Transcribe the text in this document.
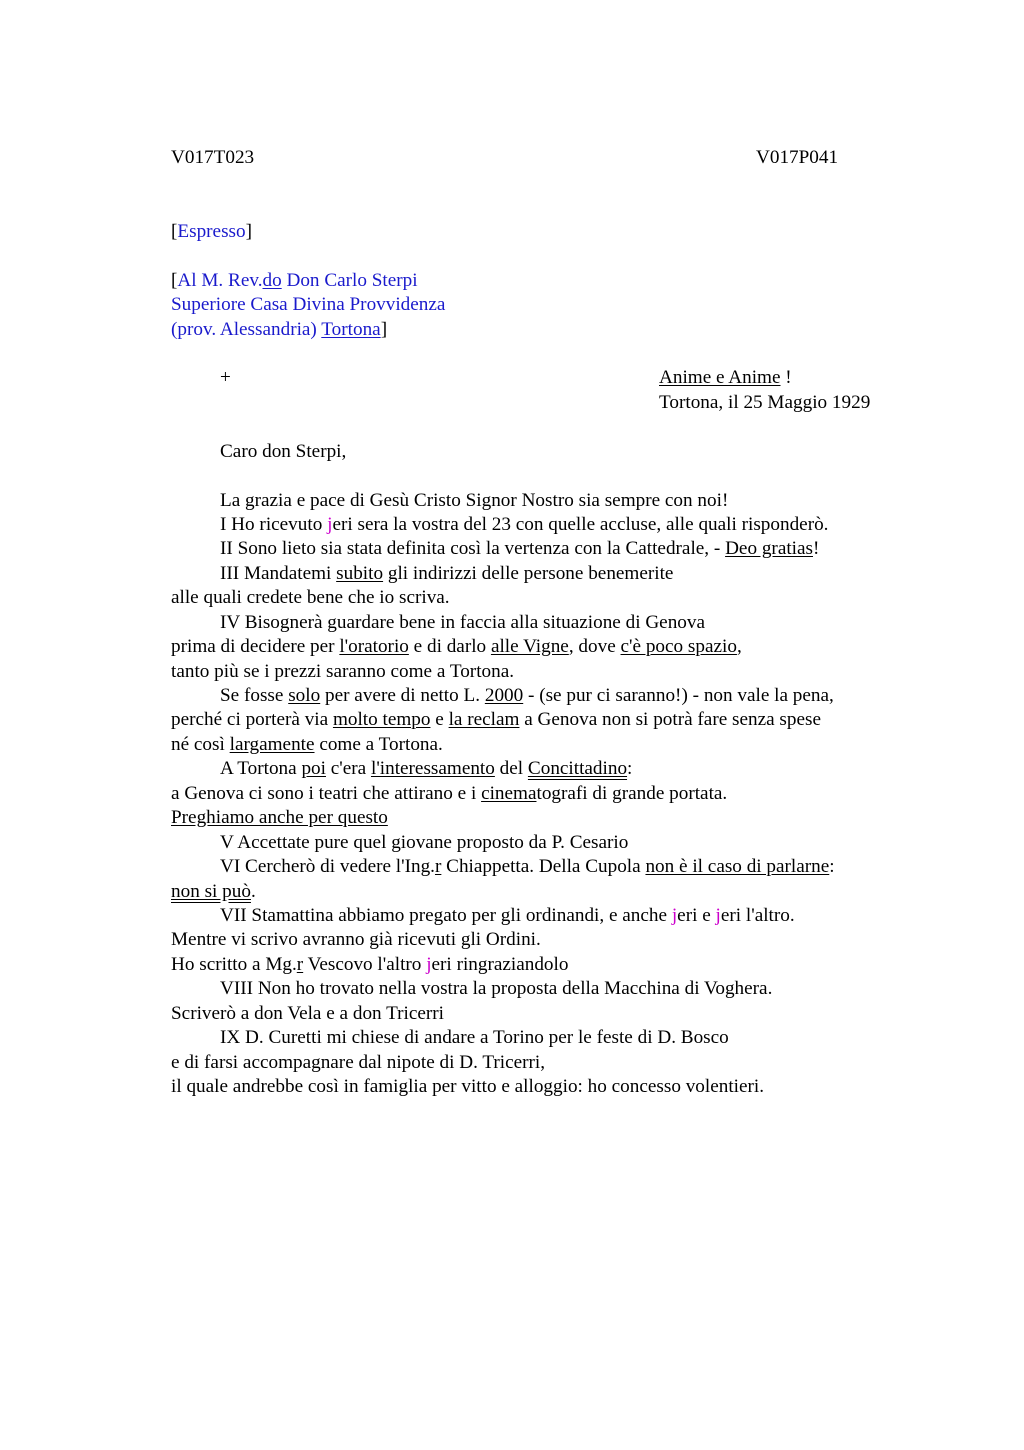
V017T023	V017P041
[Espresso]
[Al M. Rev.do Don Carlo Sterpi
Superiore Casa Divina Provvidenza
(prov. Alessandria) Tortona]
+	Anime e Anime !
Tortona, il 25 Maggio 1929
Caro don Sterpi,
La grazia e pace di Gesù Cristo Signor Nostro sia sempre con noi!
I Ho ricevuto jeri sera la vostra del 23 con quelle accluse, alle quali risponderò.
II Sono lieto sia stata definita così la vertenza con la Cattedrale, - Deo gratias!
III Mandatemi subito gli indirizzi delle persone benemerite
alle quali credete bene che io scriva.
IV Bisognerà guardare bene in faccia alla situazione di Genova
prima di decidere per l'oratorio e di darlo alle Vigne, dove c'è poco spazio,
tanto più se i prezzi saranno come a Tortona.
Se fosse solo per avere di netto L. 2000 - (se pur ci saranno!) - non vale la pena,
perché ci porterà via molto tempo e la reclam a Genova non si potrà fare senza spese
né così largamente come a Tortona.
A Tortona poi c'era l'interessamento del Concittadino:
a Genova ci sono i teatri che attirano e i cinematografi di grande portata.
Preghiamo anche per questo
V Accettate pure quel giovane proposto da P. Cesario
VI Cercherò di vedere l'Ing.r Chiappetta. Della Cupola non è il caso di parlarne:
non si può.
VII Stamattina abbiamo pregato per gli ordinandi, e anche jeri e jeri l'altro.
Mentre vi scrivo avranno già ricevuti gli Ordini.
Ho scritto a Mg.r Vescovo l'altro jeri ringraziandolo
VIII Non ho trovato nella vostra la proposta della Macchina di Voghera.
Scriverò a don Vela e a don Tricerri
IX D. Curetti mi chiese di andare a Torino per le feste di D. Bosco
e di farsi accompagnare dal nipote di D. Tricerri,
il quale andrebbe così in famiglia per vitto e alloggio: ho concesso volentieri.
